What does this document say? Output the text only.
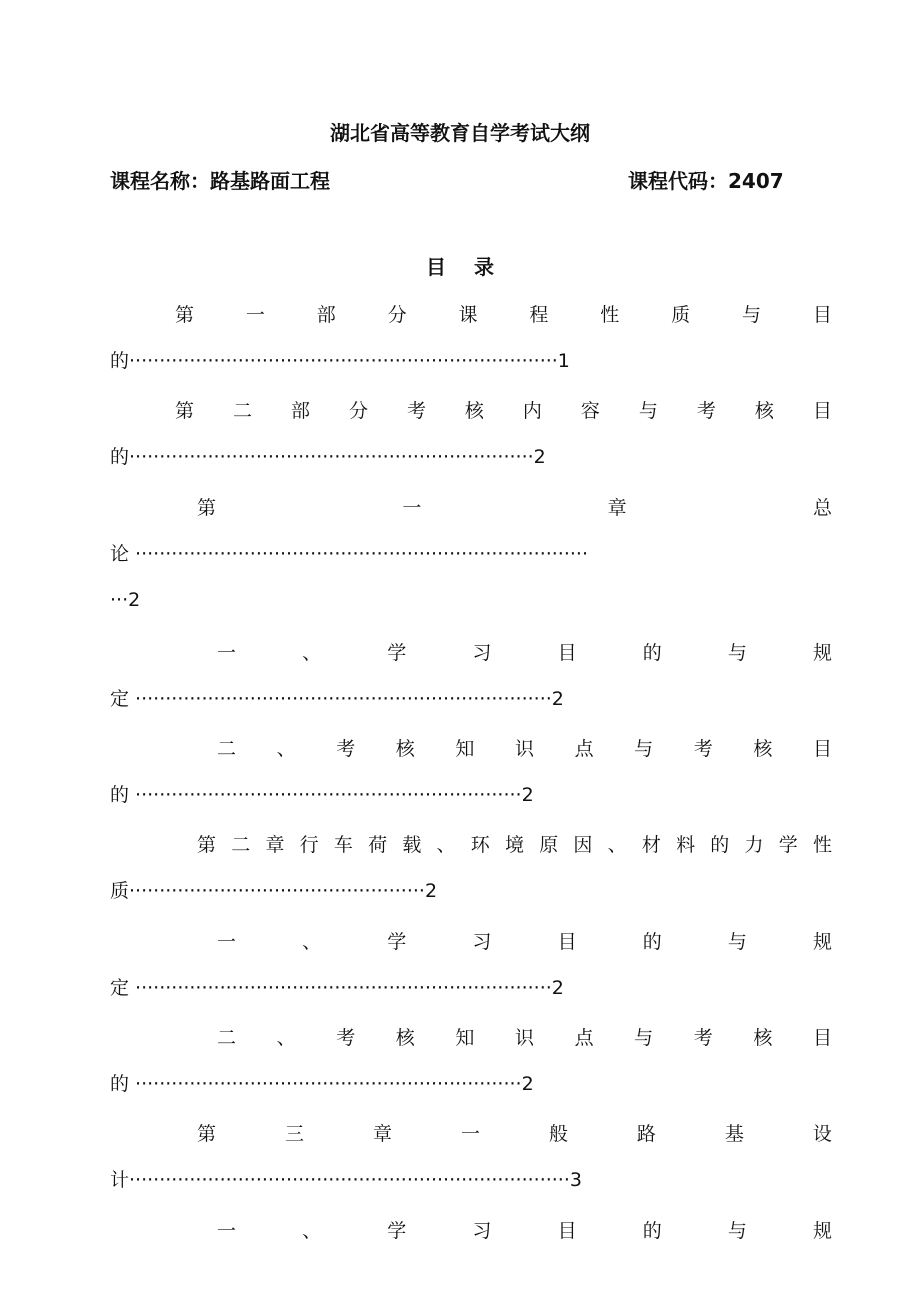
湖北省高等教育自学考试大纲
课程名称：路基路面工程	课程代码：2407
目录
第	一	部	分	课	程	性	质	与	目
的·······································································1
第 二 部 分 考 核 内 容 与 考 核 目
的···································································2
第	一	章	总
论 ···········································································
···2
一	、	学	习	目	的	与	规
定 ·····································································2
二 、 考 核 知 识 点 与 考 核 目
的 ································································2
第 二 章 行 车 荷 载 、 环 境 原 因 、 材 料 的 力 学 性
质·················································2
一	、	学	习	目	的	与	规
定 ·····································································2
二 、 考 核 知 识 点 与 考 核 目
的 ································································2
第	三	章	一	般	路	基	设
计·········································································3
一	、	学	习	目	的	与	规
